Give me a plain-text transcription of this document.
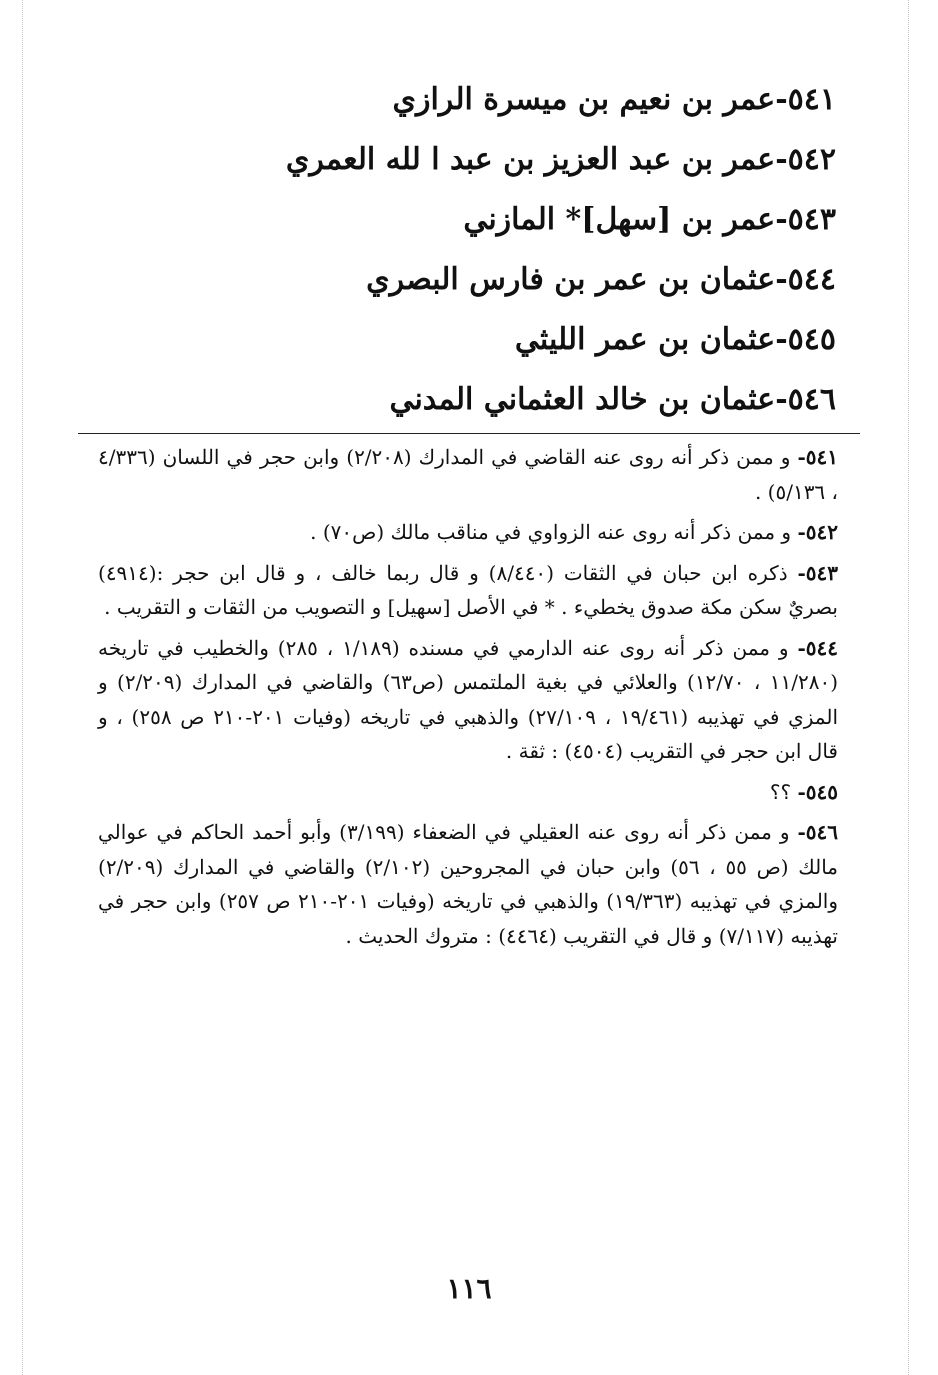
٥٤١-عمر بن نعيم بن ميسرة الرازي
٥٤٢-عمر بن عبد العزيز بن عبد ا لله العمري
٥٤٣-عمر بن [سهل]* المازني
٥٤٤-عثمان بن عمر بن فارس البصري
٥٤٥-عثمان بن عمر الليثي
٥٤٦-عثمان بن خالد العثماني المدني

٥٤١- و ممن ذكر أنه روى عنه القاضي في المدارك (٢/٢٠٨) وابن حجر في اللسان (٤/٣٣٦ ، ٥/١٣٦) .

٥٤٢- و ممن ذكر أنه روى عنه الزواوي في مناقب مالك (ص٧٠) .

٥٤٣- ذكره ابن حبان في الثقات (٨/٤٤٠) و قال ربما خالف ، و قال ابن حجر :(٤٩١٤) بصريٌ سكن مكة صدوق يخطيء . * في الأصل [سهيل] و التصويب من الثقات و التقريب .

٥٤٤- و ممن ذكر أنه روى عنه الدارمي في مسنده (١/١٨٩ ، ٢٨٥) والخطيب في تاريخه (١١/٢٨٠ ، ١٢/٧٠) والعلائي في بغية الملتمس (ص٦٣) والقاضي في المدارك (٢/٢٠٩) و المزي في تهذيبه (١٩/٤٦١ ، ٢٧/١٠٩) والذهبي في تاريخه (وفيات ٢٠١-٢١٠ ص ٢٥٨) ، و قال ابن حجر في التقريب (٤٥٠٤) : ثقة .

٥٤٥- ؟؟

٥٤٦- و ممن ذكر أنه روى عنه العقيلي في الضعفاء (٣/١٩٩) وأبو أحمد الحاكم في عوالي مالك (ص ٥٥ ، ٥٦) وابن حبان في المجروحين (٢/١٠٢) والقاضي في المدارك (٢/٢٠٩) والمزي في تهذيبه (١٩/٣٦٣) والذهبي في تاريخه (وفيات ٢٠١-٢١٠ ص ٢٥٧) وابن حجر في تهذيبه (٧/١١٧) و قال في التقريب (٤٤٦٤) : متروك الحديث .

١١٦
